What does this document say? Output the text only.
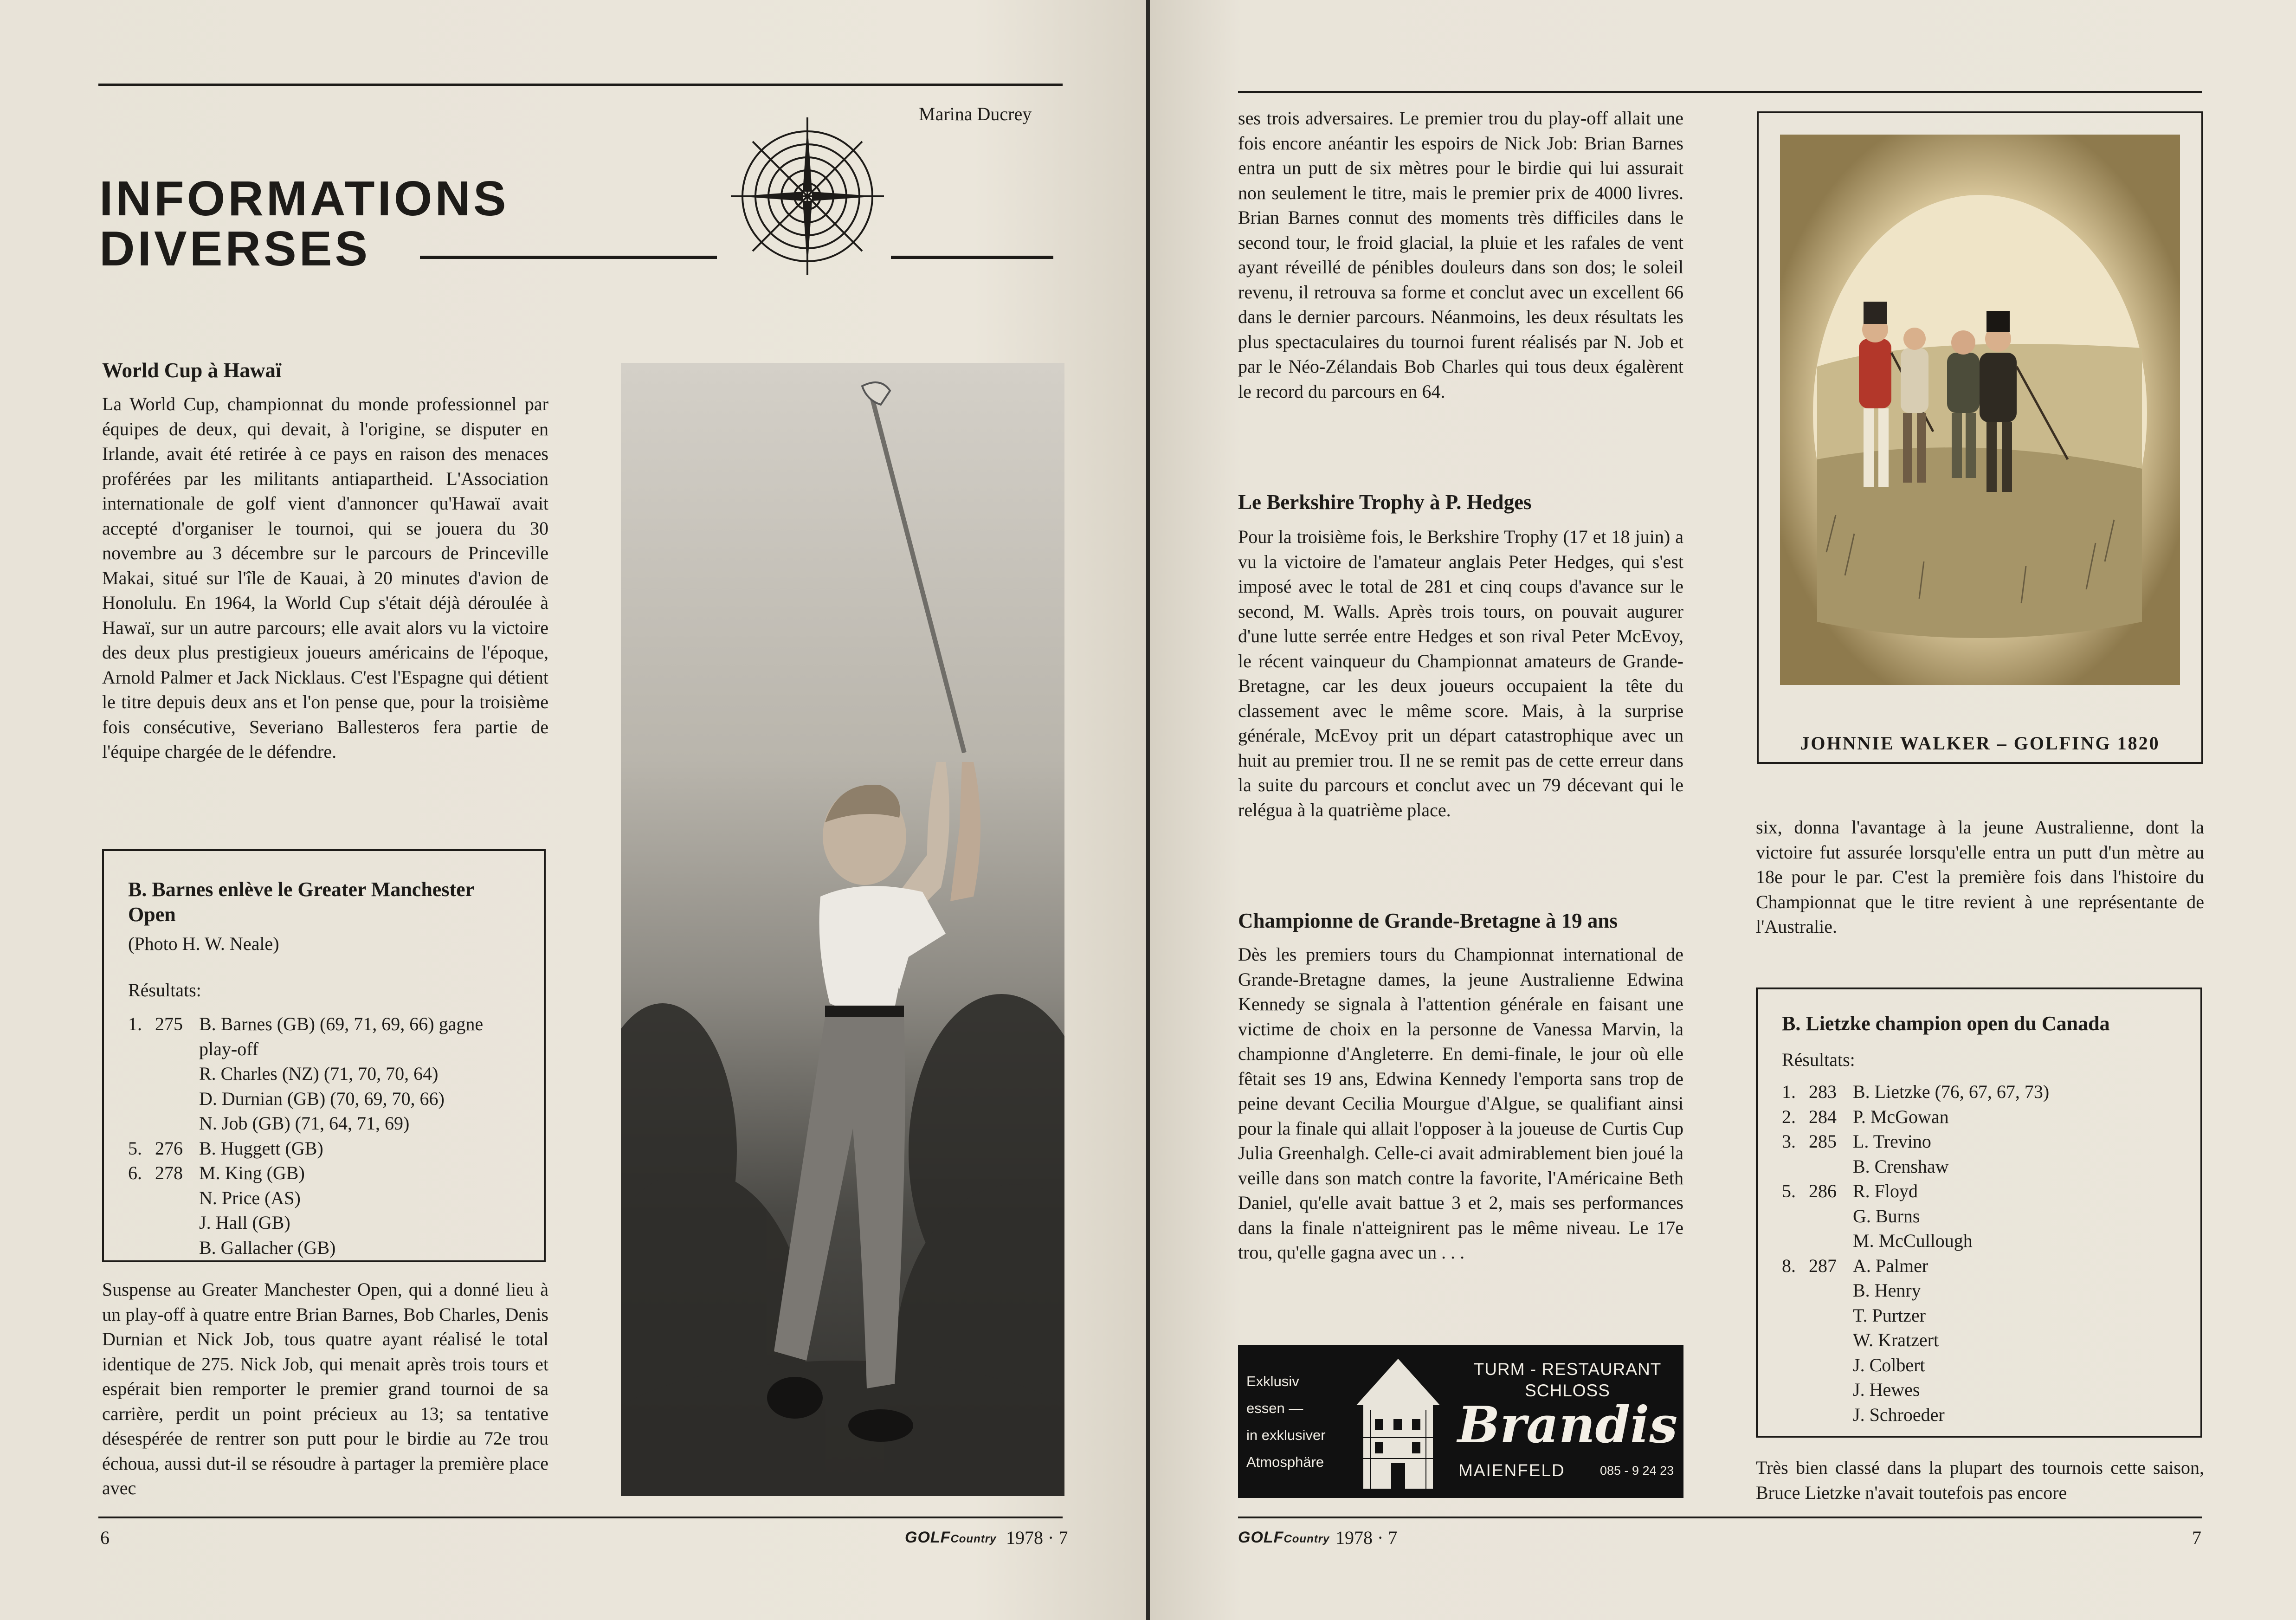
Marina Ducrey
INFORMATIONS
DIVERSES
World Cup à Hawaï

La World Cup, championnat du monde professionnel par équipes de deux, qui devait, à l'origine, se disputer en Irlande, avait été retirée à ce pays en raison des menaces proférées par les militants antiapartheid. L'Association internationale de golf vient d'annoncer qu'Hawaï avait accepté d'organiser le tournoi, qui se jouera du 30 novembre au 3 décembre sur le parcours de Princeville Makai, situé sur l'île de Kauai, à 20 minutes d'avion de Honolulu. En 1964, la World Cup s'était déjà déroulée à Hawaï, sur un autre parcours; elle avait alors vu la victoire des deux plus prestigieux joueurs américains de l'époque, Arnold Palmer et Jack Nicklaus. C'est l'Espagne qui détient le titre depuis deux ans et l'on pense que, pour la troisième fois consécutive, Severiano Ballesteros fera partie de l'équipe chargée de le défendre.

B. Barnes enlève le Greater Manchester Open
(Photo H. W. Neale)
Résultats:
1. 275 B. Barnes (GB) (69, 71, 69, 66) gagne
play-off
R. Charles (NZ) (71, 70, 70, 64)
D. Durnian (GB) (70, 69, 70, 66)
N. Job (GB) (71, 64, 71, 69)
5. 276 B. Huggett (GB)
6. 278 M. King (GB)
N. Price (AS)
J. Hall (GB)
B. Gallacher (GB)

Suspense au Greater Manchester Open, qui a donné lieu à un play-off à quatre entre Brian Barnes, Bob Charles, Denis Durnian et Nick Job, tous quatre ayant réalisé le total identique de 275. Nick Job, qui menait après trois tours et espérait bien remporter le premier grand tournoi de sa carrière, perdit un point précieux au 13; sa tentative désespérée de rentrer son putt pour le birdie au 72e trou échoua, aussi dut-il se résoudre à partager la première place avec

6	GOLFCountry 1978 · 7

ses trois adversaires. Le premier trou du play-off allait une fois encore anéantir les espoirs de Nick Job: Brian Barnes entra un putt de six mètres pour le birdie qui lui assurait non seulement le titre, mais le premier prix de 4000 livres. Brian Barnes connut des moments très difficiles dans le second tour, le froid glacial, la pluie et les rafales de vent ayant réveillé de pénibles douleurs dans son dos; le soleil revenu, il retrouva sa forme et conclut avec un excellent 66 dans le dernier parcours. Néanmoins, les deux résultats les plus spectaculaires du tournoi furent réalisés par N. Job et par le Néo-Zélandais Bob Charles qui tous deux égalèrent le record du parcours en 64.

Le Berkshire Trophy à P. Hedges

Pour la troisième fois, le Berkshire Trophy (17 et 18 juin) a vu la victoire de l'amateur anglais Peter Hedges, qui s'est imposé avec le total de 281 et cinq coups d'avance sur le second, M. Walls. Après trois tours, on pouvait augurer d'une lutte serrée entre Hedges et son rival Peter McEvoy, le récent vainqueur du Championnat amateurs de Grande-Bretagne, car les deux joueurs occupaient la tête du classement avec le même score. Mais, à la surprise générale, McEvoy prit un départ catastrophique avec un huit au premier trou. Il ne se remit pas de cette erreur dans la suite du parcours et conclut avec un 79 décevant qui le relégua à la quatrième place.

Championne de Grande-Bretagne à 19 ans

Dès les premiers tours du Championnat international de Grande-Bretagne dames, la jeune Australienne Edwina Kennedy se signala à l'attention générale en faisant une victime de choix en la personne de Vanessa Marvin, la championne d'Angleterre. En demi-finale, le jour où elle fêtait ses 19 ans, Edwina Kennedy l'emporta sans trop de peine devant Cecilia Mourgue d'Algue, se qualifiant ainsi pour la finale qui allait l'opposer à la joueuse de Curtis Cup Julia Greenhalgh. Celle-ci avait admirablement bien joué la veille dans son match contre la favorite, l'Américaine Beth Daniel, qu'elle avait battue 3 et 2, mais ses performances dans la finale n'atteignirent pas le même niveau. Le 17e trou, qu'elle gagna avec un . . .

Exklusiv
essen —
in exklusiver
Atmosphäre
TURM - RESTAURANT
SCHLOSS
Brandis
MAIENFELD	085 - 9 24 23
JOHNNIE WALKER – GOLFING 1820

six, donna l'avantage à la jeune Australienne, dont la victoire fut assurée lorsqu'elle entra un putt d'un mètre au 18e pour le par. C'est la première fois dans l'histoire du Championnat que le titre revient à une représentante de l'Australie.

B. Lietzke champion open du Canada
Résultats:
1. 283 B. Lietzke (76, 67, 67, 73)
2. 284 P. McGowan
3. 285 L. Trevino
B. Crenshaw
5. 286 R. Floyd
G. Burns
M. McCullough
8. 287 A. Palmer
B. Henry
T. Purtzer
W. Kratzert
J. Colbert
J. Hewes
J. Schroeder

Très bien classé dans la plupart des tournois cette saison, Bruce Lietzke n'avait toutefois pas encore

GOLFCountry 1978 · 7	7
